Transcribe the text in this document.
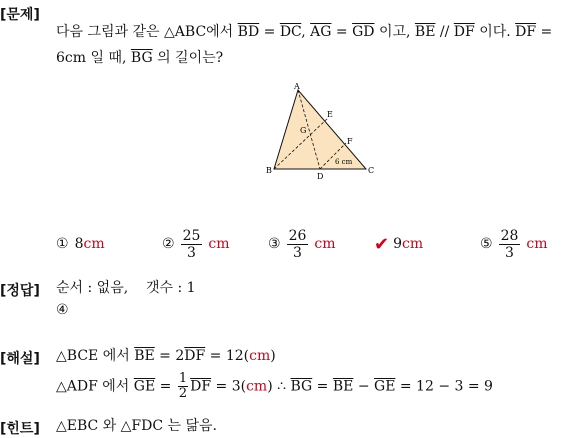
[문제]
다음 그림과 같은 △ABC에서 $\overline{BD} = \overline{DC}$, $\overline{AG} = \overline{GD}$ 이고, $\overline{BE} // \overline{DF}$ 이다. $\overline{DF}$ =
6cm 일 때, $\overline{BG}$ 의 길이는?
A
B	C
D
E
F
G
6 cm
① 8 cm	② $\frac{25}{3}$ cm	③ $\frac{26}{3}$ cm ✔ 9 cm	⑤ $\frac{28}{3}$ cm
[정답] 순서 : 없음, 갯수 : 1
④
[해설] △BCE 에서 $\overline{BE} = 2\overline{DF} = 12(cm)$
△ADF 에서 $\overline{GE} = \frac{1}{2} \overline{DF} = 3(cm)$ ∴ $\overline{BG} = \overline{BE} - \overline{GE} = 12 - 3 = 9$
[힌트] △EBC 와 △FDC 는 닮음.
